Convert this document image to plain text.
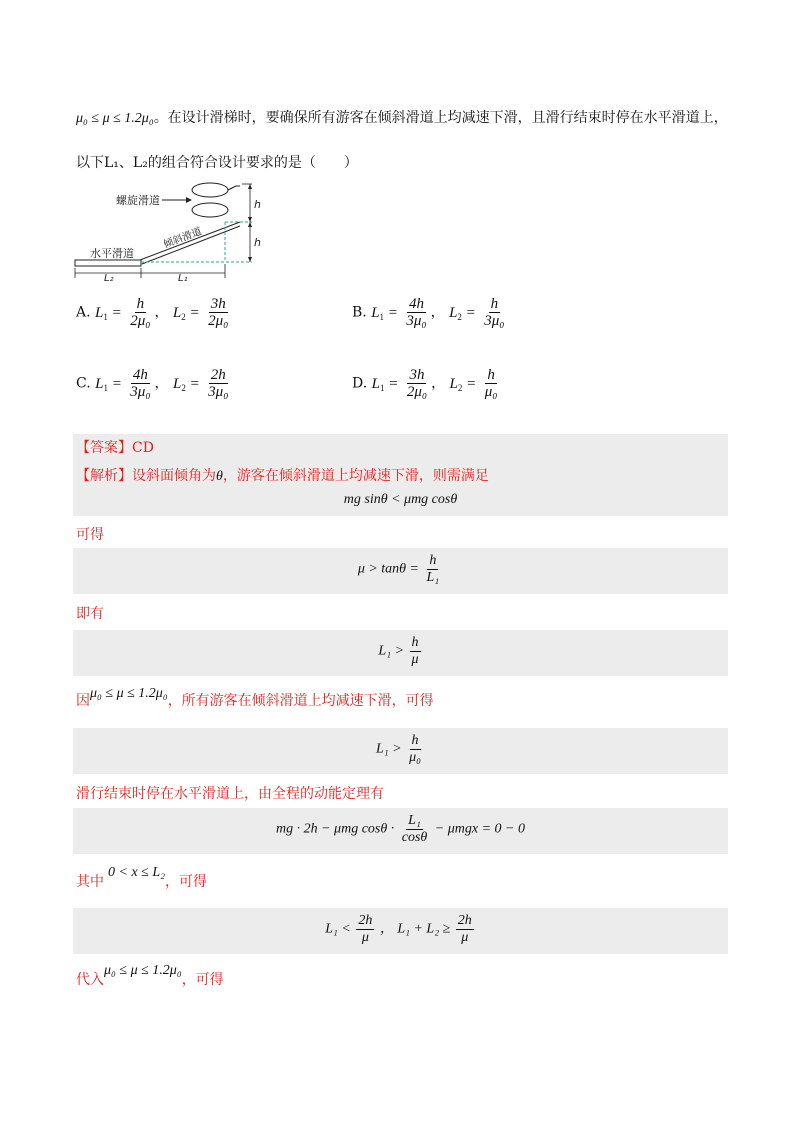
μ₀ ≤ μ ≤ 1.2μ₀。在设计滑梯时，要确保所有游客在倾斜滑道上均减速下滑，且滑行结束时停在水平滑道上，
以下L₁、L₂的组合符合设计要求的是（　　）
螺旋滑道
倾斜滑道
水平滑道
h
h
L₂	L₁
A. $L_1 = \frac{h}{\text{2μ₀}}$ ， $L_2 = \frac{3h}{\text{2μ₀}}$	B. $L_1 = \frac{4h}{\text{3μ₀}}$ ， $L_2 = \frac{h}{\text{3μ₀}}$
C. $L_1 = \frac{4h}{\text{3μ₀}}$ ， $L_2 = \frac{2h}{\text{3μ₀}}$	D. $L_1 = \frac{3h}{\text{2μ₀}}$ ， $L_2 = \frac{h}{\text{μ₀}}$
【答案】CD
【解析】设斜面倾角为θ，游客在倾斜滑道上均减速下滑，则需满足
mg sinθ < μmg cosθ
可得
$\mu > \tan\theta = \frac{h}{\text{L₁}}$
即有
$L_1 > \frac{h}{\mu}$
因μ₀ ≤ μ ≤ 1.2μ₀，所有游客在倾斜滑道上均减速下滑，可得
$L_1 > \frac{h}{\text{μ₀}}$
滑行结束时停在水平滑道上，由全程的动能定理有
mg · 2h − μmg $\cos\theta \cdot \frac{\text{L₁}}{\cos\theta} - \mu mgx = 0 - 0$
其中0 < x ≤ L₂，可得
$L_1 < \frac{2h}{\mu}$ ， $L_1 + L_2 \ge \frac{2h}{\mu}$
代入μ₀ ≤ μ ≤ 1.2μ₀，可得
